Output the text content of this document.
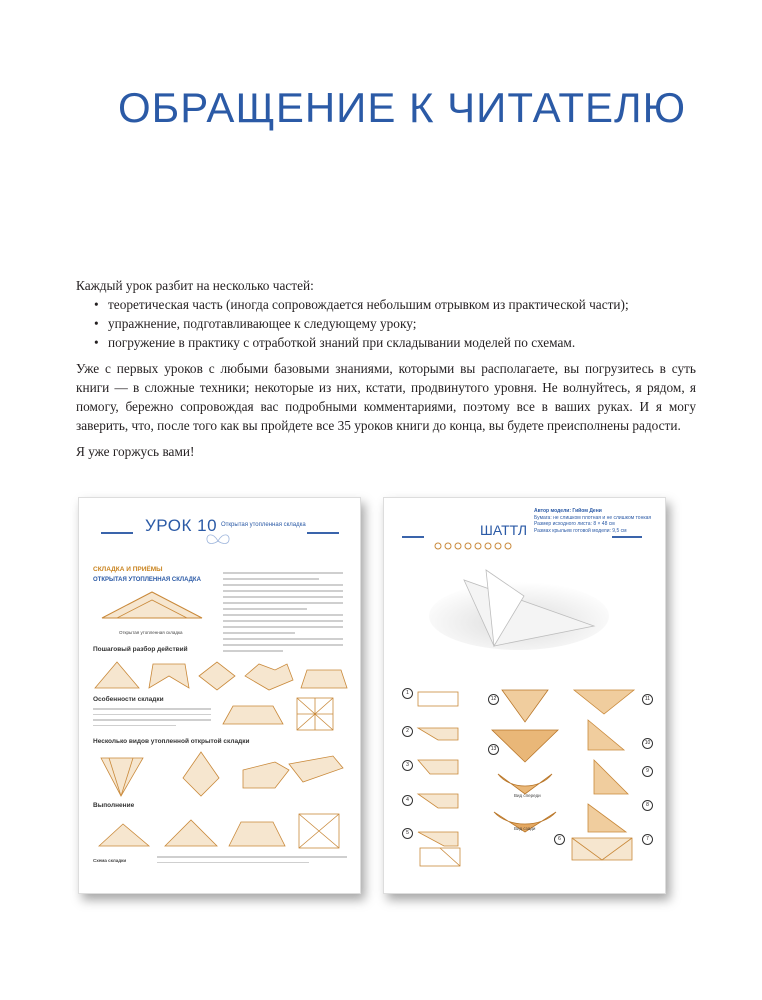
ОБРАЩЕНИЕ К ЧИТАТЕЛЮ

Каждый урок разбит на несколько частей:

• теоретическая часть (иногда сопровождается небольшим отрывком из практической части);
• упражнение, подготавливающее к следующему уроку;
• погружение в практику с отработкой знаний при складывании моделей по схемам.

Уже с первых уроков с любыми базовыми знаниями, которыми вы располагаете, вы погрузитесь в суть книги — в сложные техники; некоторые из них, кстати, продвинутого уровня. Не волнуйтесь, я рядом, я помогу, бережно сопровождая вас подробными комментариями, поэтому все в ваших руках. И я могу заверить, что, после того как вы пройдете все 35 уроков книги до конца, вы будете преисполнены радости.

Я уже горжусь вами!

УРОК 10 Открытая утопленная складка
СКЛАДКА И ПРИЁМЫ
ОТКРЫТАЯ УТОПЛЕННАЯ СКЛАДКА
Открытая утопленная складка
Пошаговый разбор действий
Особенности складки
Несколько видов утопленной открытой складки
Выполнение
Схема складки
ШАТТЛ
Автор модели: Гийом Дени
Бумага: не слишком плотная и не слишком тонкая
Размер исходного листа: 8 × 48 см
Размах крыльев готовой модели: 9,5 см
1
2
3
4
5
6	7
8
9
10
11
12
13
Вид спереди
Вид сзади
